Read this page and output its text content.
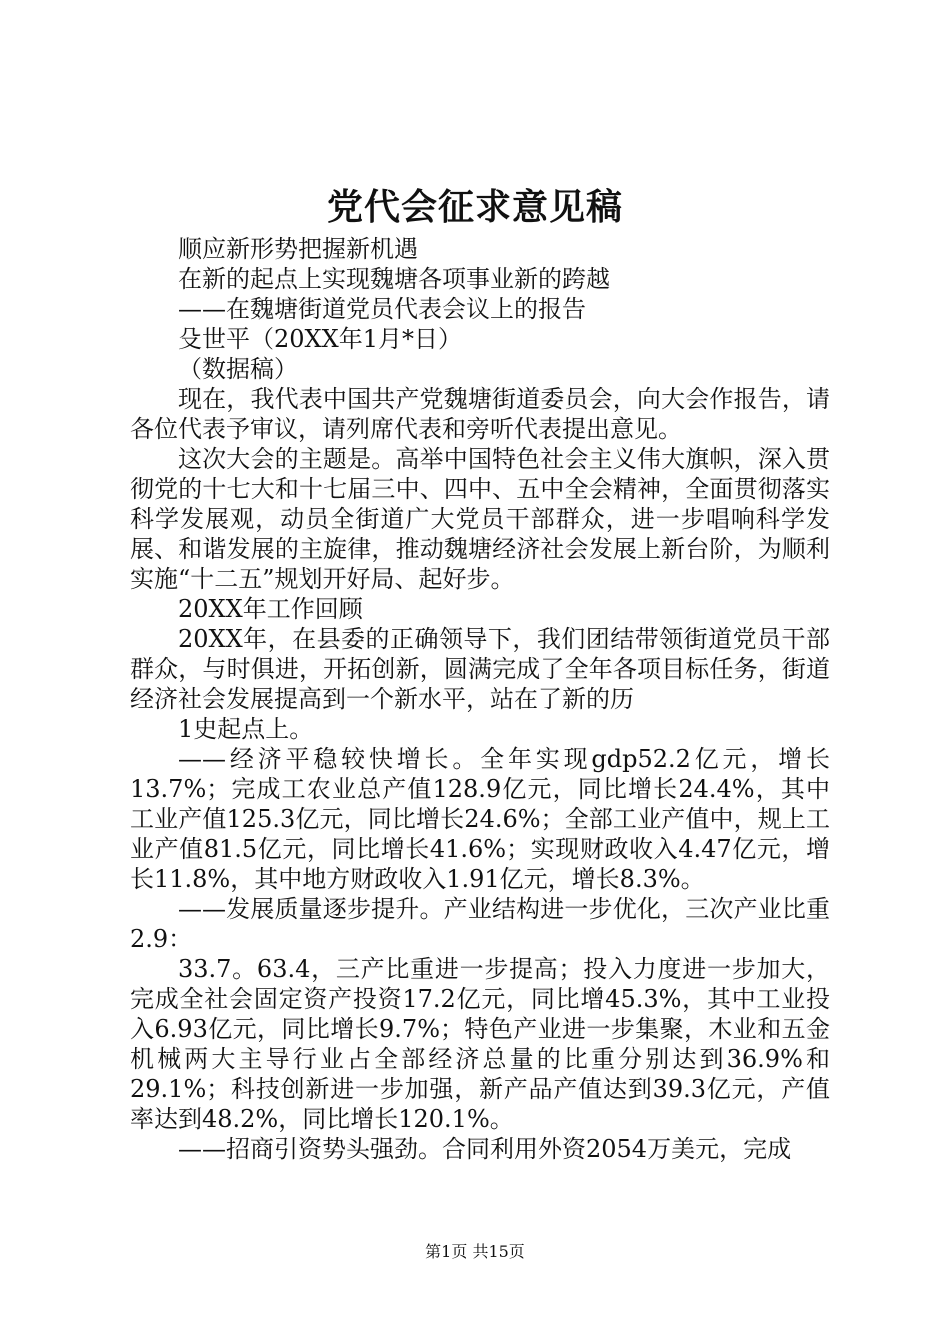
党代会征求意见稿

顺应新形势把握新机遇

在新的起点上实现魏塘各项事业新的跨越

——在魏塘街道党员代表会议上的报告

殳世平（20XX年1月*日）

（数据稿）

现在，我代表中国共产党魏塘街道委员会，向大会作报告，请各位代表予审议，请列席代表和旁听代表提出意见。

这次大会的主题是。高举中国特色社会主义伟大旗帜，深入贯彻党的十七大和十七届三中、四中、五中全会精神，全面贯彻落实科学发展观，动员全街道广大党员干部群众，进一步唱响科学发展、和谐发展的主旋律，推动魏塘经济社会发展上新台阶，为顺利实施“十二五”规划开好局、起好步。

20XX年工作回顾

20XX年，在县委的正确领导下，我们团结带领街道党员干部群众，与时俱进，开拓创新，圆满完成了全年各项目标任务，街道经济社会发展提高到一个新水平，站在了新的历

1史起点上。

——经济平稳较快增长。全年实现gdp52.2亿元，增长13.7%；完成工农业总产值128.9亿元，同比增长24.4%，其中工业产值125.3亿元，同比增长24.6%；全部工业产值中，规上工业产值81.5亿元，同比增长41.6%；实现财政收入4.47亿元，增长11.8%，其中地方财政收入1.91亿元，增长8.3%。

——发展质量逐步提升。产业结构进一步优化，三次产业比重2.9：

33.7。63.4，三产比重进一步提高；投入力度进一步加大，完成全社会固定资产投资17.2亿元，同比增45.3%，其中工业投入6.93亿元，同比增长9.7%；特色产业进一步集聚，木业和五金机械两大主导行业占全部经济总量的比重分别达到36.9%和29.1%；科技创新进一步加强，新产品产值达到39.3亿元，产值率达到48.2%，同比增长120.1%。

——招商引资势头强劲。合同利用外资2054万美元，完成

第1页 共15页
